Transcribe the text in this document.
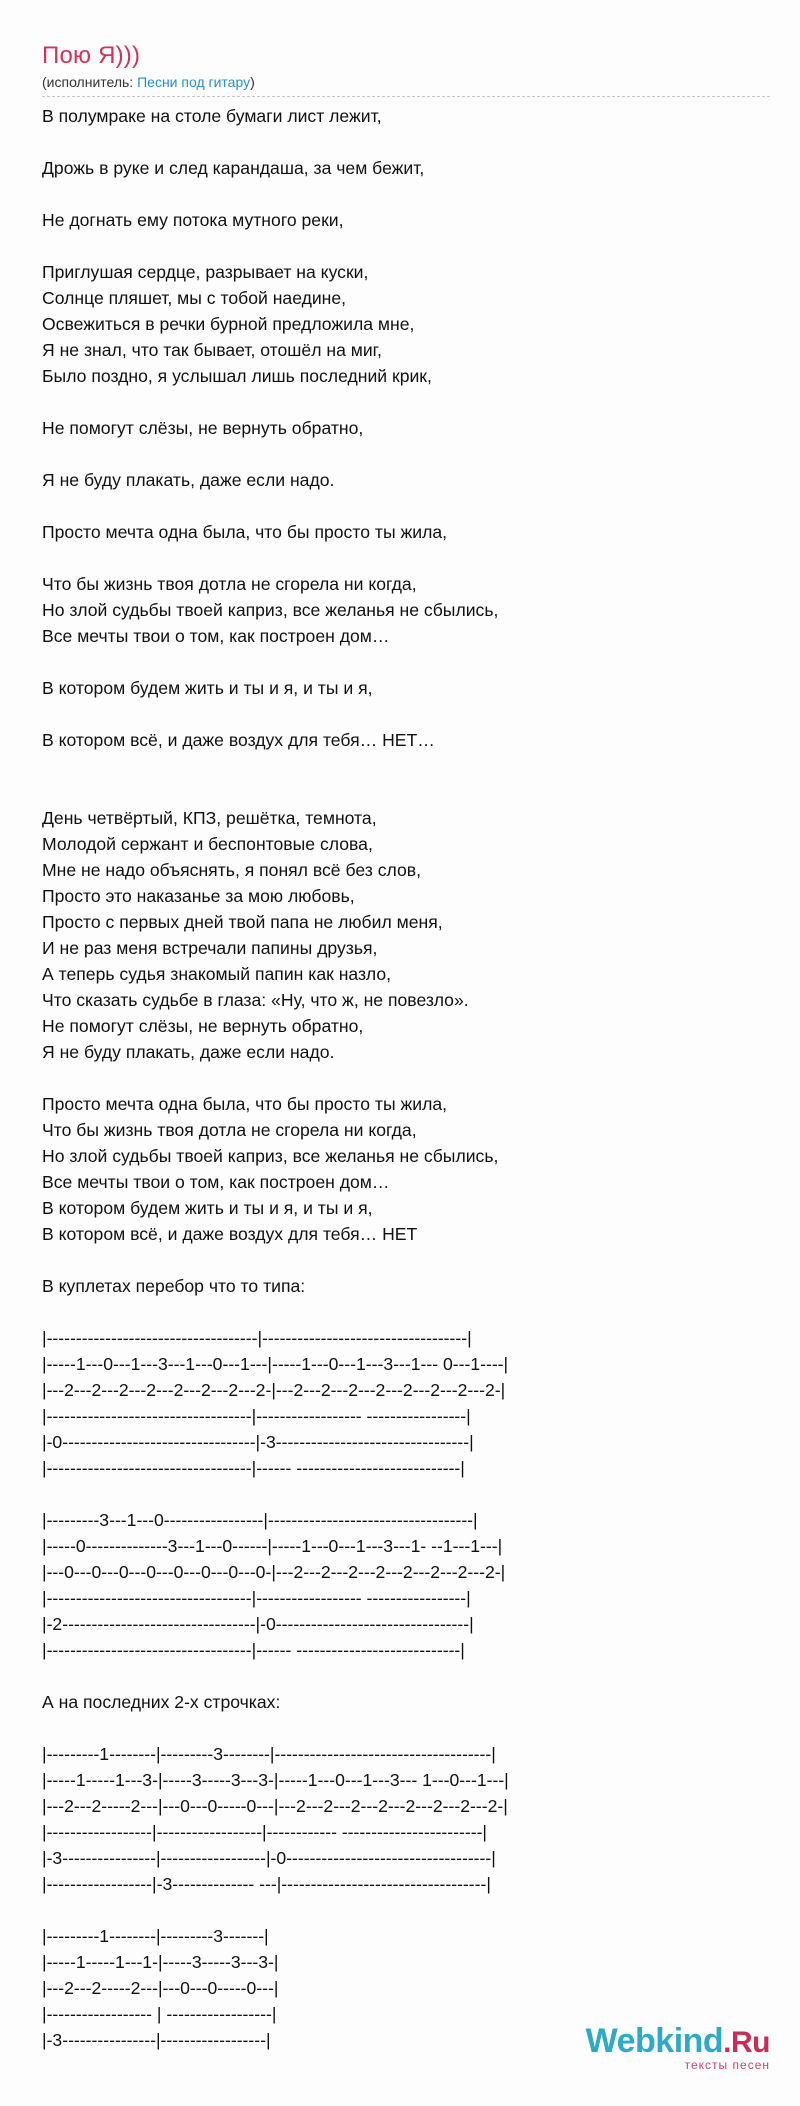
Пою Я)))
(исполнитель: Песни под гитару)
В полумраке на столе бумаги лист лежит,

Дрожь в руке и след карандаша, за чем бежит,

Не догнать ему потока мутного реки,

Приглушая сердце, разрывает на куски,
Солнце пляшет, мы с тобой наедине,
Освежиться в речки бурной предложила мне,
Я не знал, что так бывает, отошёл на миг,
Было поздно, я услышал лишь последний крик,

Не помогут слёзы, не вернуть обратно,

Я не буду плакать, даже если надо.

Просто мечта одна была, что бы просто ты жила,

Что бы жизнь твоя дотла не сгорела ни когда,
Но злой судьбы твоей каприз, все желанья не сбылись,
Все мечты твои о том, как построен дом…

В котором будем жить и ты и я, и ты и я,

В котором всё, и даже воздух для тебя… НЕТ…

День четвёртый, КПЗ, решётка, темнота,
Молодой сержант и беспонтовые слова,
Мне не надо объяснять, я понял всё без слов,
Просто это наказанье за мою любовь,
Просто с первых дней твой папа не любил меня,
И не раз меня встречали папины друзья,
А теперь судья знакомый папин как назло,
Что сказать судьбе в глаза: «Ну, что ж, не повезло».
Не помогут слёзы, не вернуть обратно,
Я не буду плакать, даже если надо.

Просто мечта одна была, что бы просто ты жила,
Что бы жизнь твоя дотла не сгорела ни когда,
Но злой судьбы твоей каприз, все желанья не сбылись,
Все мечты твои о том, как построен дом…
В котором будем жить и ты и я, и ты и я,
В котором всё, и даже воздух для тебя… НЕТ

В куплетах перебор что то типа:

|------------------------------------|-----------------------------------|
|-----1---0---1---3---1---0---1---|-----1---0---1---3---1--- 0---1----|
|---2---2---2---2---2---2---2---2-|---2---2---2---2---2---2---2---2-|
|-----------------------------------|------------------ -----------------|
|-0---------------------------------|-3---------------------------------|
|-----------------------------------|------ ----------------------------|

|---------3---1---0-----------------|-----------------------------------|
|-----0--------------3---1---0------|-----1---0---1---3---1- --1---1---|
|---0---0---0---0---0---0---0---0-|---2---2---2---2---2---2---2---2-|
|-----------------------------------|------------------ -----------------|
|-2---------------------------------|-0---------------------------------|
|-----------------------------------|------ ----------------------------|

А на последних 2-х строчках:

|---------1--------|---------3--------|-------------------------------------|
|-----1-----1---3-|-----3-----3---3-|-----1---0---1---3--- 1---0---1---|
|---2---2-----2---|---0---0-----0---|---2---2---2---2---2---2---2---2-|
|------------------|------------------|------------ ------------------------|
|-3----------------|------------------|-0-----------------------------------|
|------------------|-3-------------- ---|-----------------------------------|

|---------1--------|---------3-------|
|-----1-----1---1-|-----3-----3---3-|
|---2---2-----2---|---0---0-----0---|
|------------------ | ------------------|
|-3----------------|------------------|	Webkind.Ru
тексты песен
